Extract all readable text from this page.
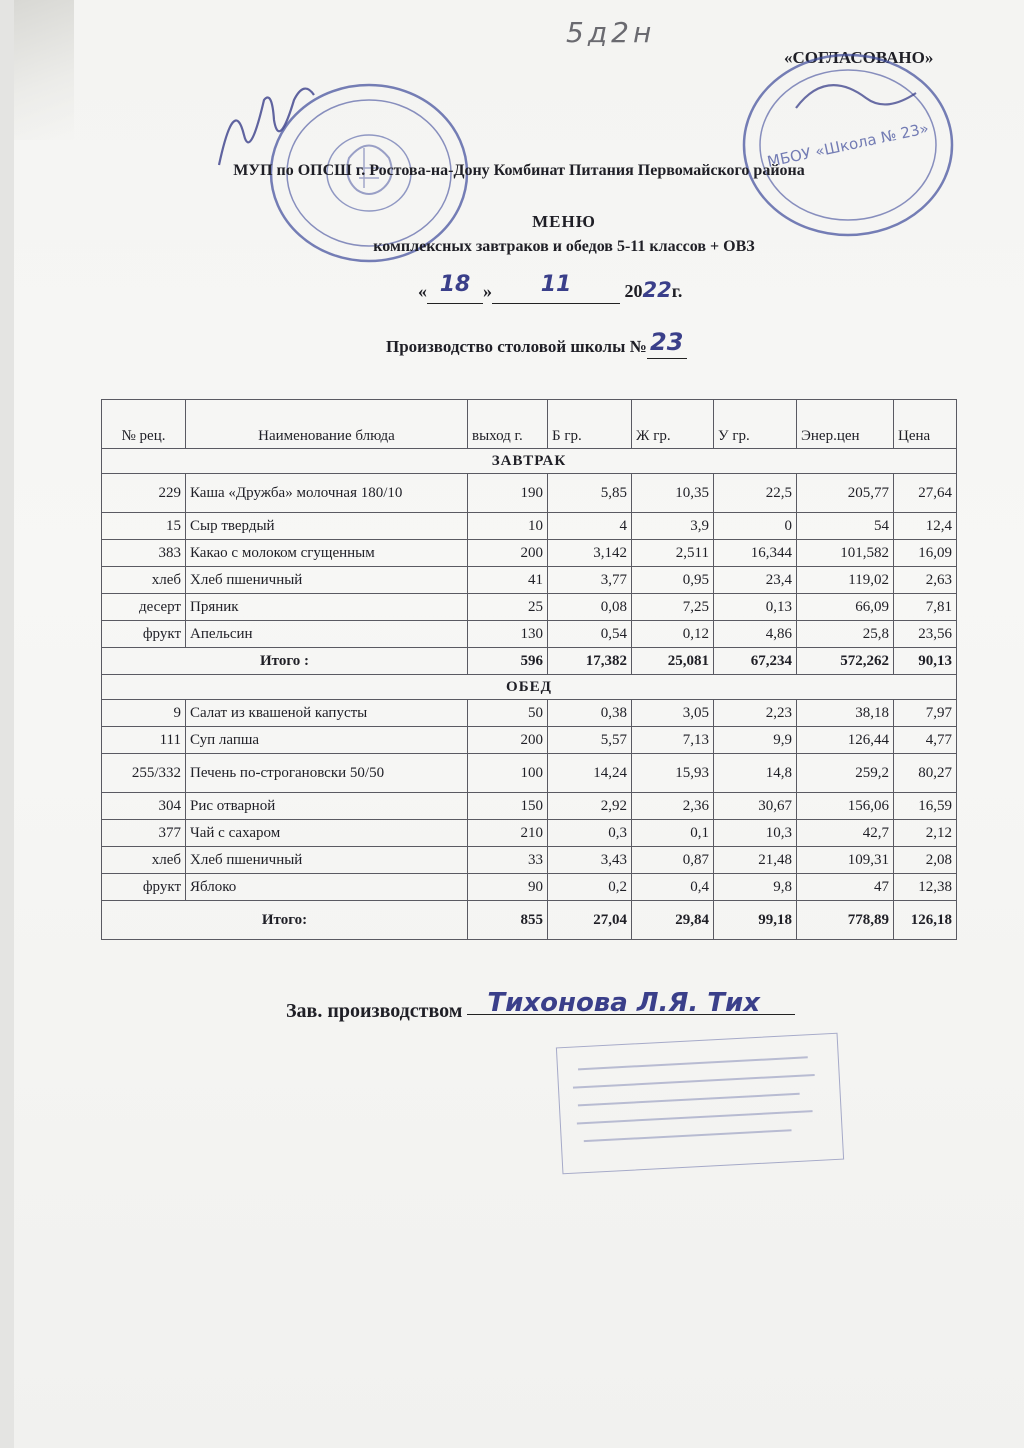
5д2н
«СОГЛАСОВАНО»
МБОУ «Школа № 23»
МУП по ОПСШ г. Ростова-на-Дону Комбинат Питания Первомайского района
МЕНЮ
комплексных завтраков и обедов 5-11 классов + ОВЗ
« 18 » 11	2022г.
Производство столовой школы № 23
№ рец.	Наименование блюда	выход г.	Б гр.	Ж гр.	У гр.	Энер.цен	Цена
ЗАВТРАК							
229	Каша «Дружба» молочная 180/10	190	5,85	10,35	22,5	205,77	27,64
15	Сыр твердый	10	4	3,9	0	54	12,4
383	Какао с молоком сгущенным	200	3,142	2,511	16,344	101,582	16,09
хлеб	Хлеб пшеничный	41	3,77	0,95	23,4	119,02	2,63
десерт	Пряник	25	0,08	7,25	0,13	66,09	7,81
фрукт	Апельсин	130	0,54	0,12	4,86	25,8	23,56
Итого :		596	17,382	25,081	67,234	572,262	90,13
ОБЕД							
9	Салат из квашеной капусты	50	0,38	3,05	2,23	38,18	7,97
111	Суп лапша	200	5,57	7,13	9,9	126,44	4,77
255/332	Печень по-строгановски 50/50	100	14,24	15,93	14,8	259,2	80,27
304	Рис отварной	150	2,92	2,36	30,67	156,06	16,59
377	Чай с сахаром	210	0,3	0,1	10,3	42,7	2,12
хлеб	Хлеб пшеничный	33	3,43	0,87	21,48	109,31	2,08
фрукт	Яблоко	90	0,2	0,4	9,8	47	12,38
Итого:		855	27,04	29,84	99,18	778,89	126,18
Зав. производством Тихонова Л.Я. Тих
